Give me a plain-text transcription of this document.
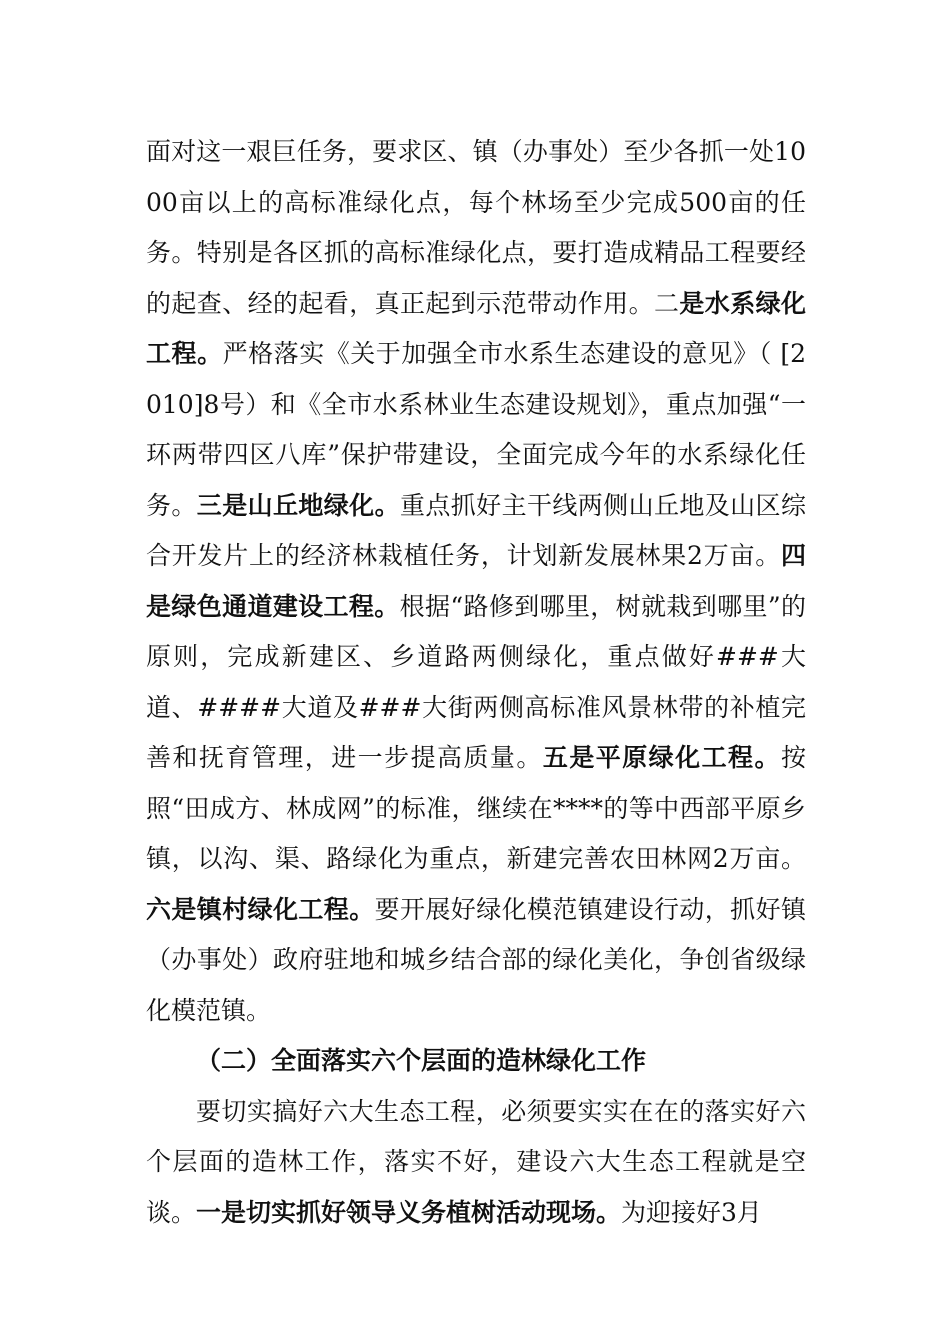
面对这一艰巨任务，要求区、镇（办事处）至少各抓一处1000亩以上的高标准绿化点，每个林场至少完成500亩的任务。特别是各区抓的高标准绿化点，要打造成精品工程要经的起查、经的起看，真正起到示范带动作用。二是水系绿化工程。严格落实《关于加强全市水系生态建设的意见》（ [2010]8号）和《全市水系林业生态建设规划》，重点加强“一环两带四区八库”保护带建设，全面完成今年的水系绿化任务。三是山丘地绿化。重点抓好主干线两侧山丘地及山区综合开发片上的经济林栽植任务，计划新发展林果2万亩。四是绿色通道建设工程。根据“路修到哪里，树就栽到哪里”的原则，完成新建区、乡道路两侧绿化，重点做好###大道、####大道及###大街两侧高标准风景林带的补植完善和抚育管理，进一步提高质量。五是平原绿化工程。按照“田成方、林成网”的标准，继续在****的等中西部平原乡镇，以沟、渠、路绿化为重点，新建完善农田林网2万亩。六是镇村绿化工程。要开展好绿化模范镇建设行动，抓好镇（办事处）政府驻地和城乡结合部的绿化美化，争创省级绿化模范镇。

（二）全面落实六个层面的造林绿化工作

要切实搞好六大生态工程，必须要实实在在的落实好六个层面的造林工作，落实不好，建设六大生态工程就是空谈。一是切实抓好领导义务植树活动现场。为迎接好3月
